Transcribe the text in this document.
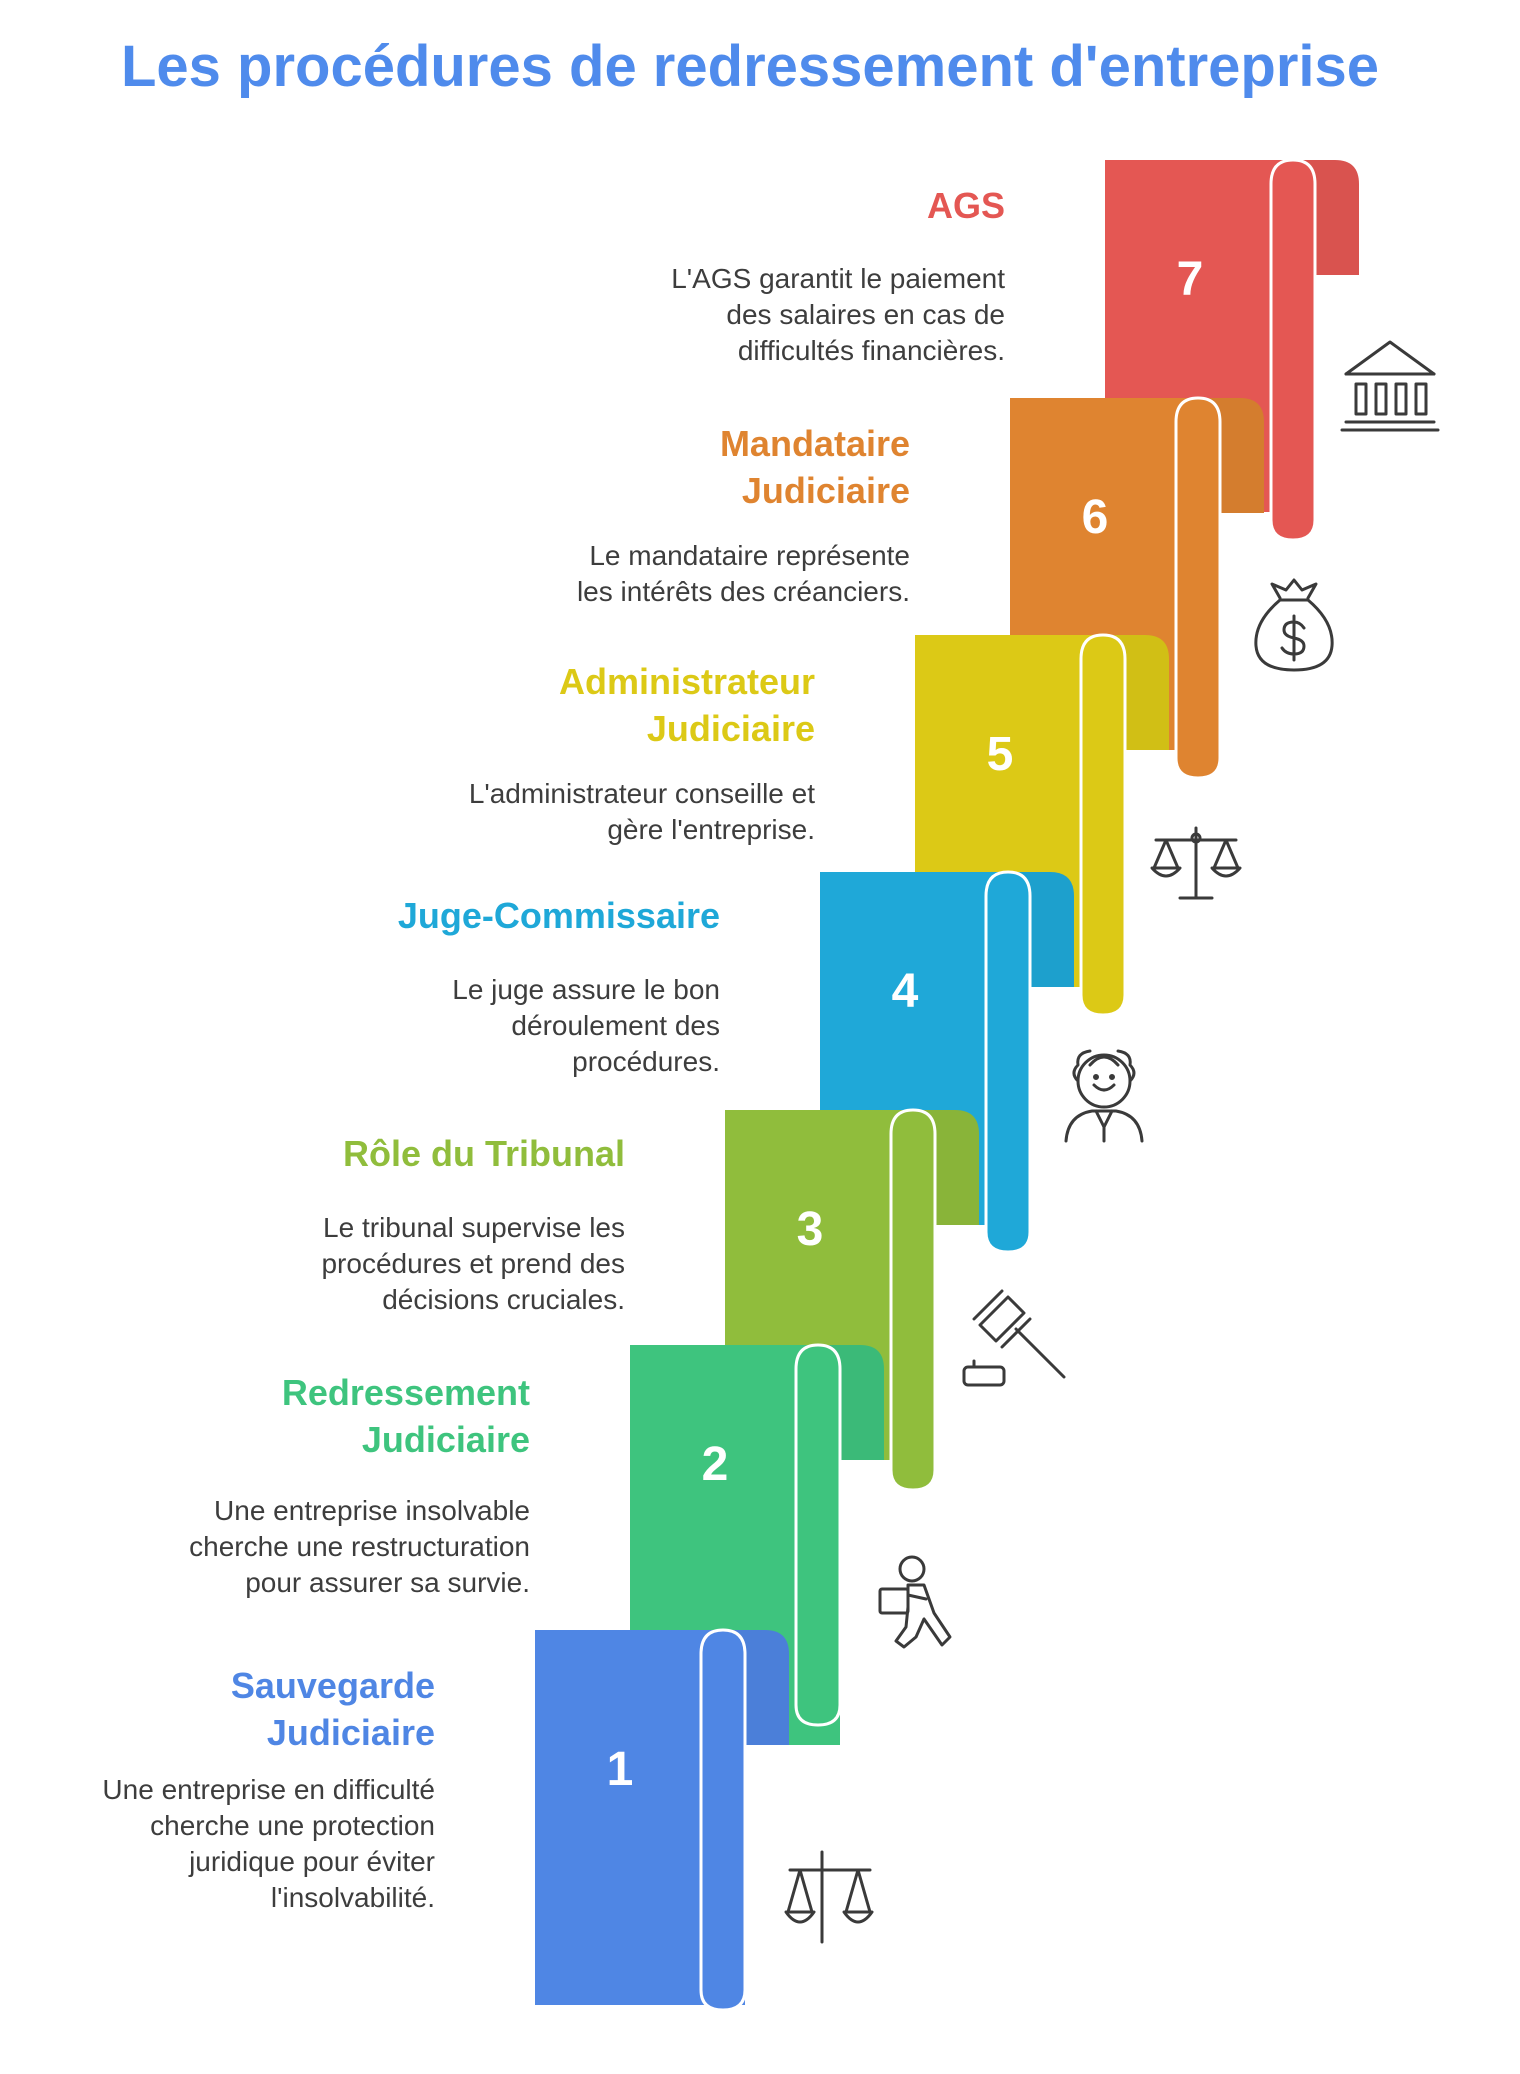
Les procédures de redressement d'entreprise
7
6
5
4
3
2
1
Sauvegarde
Judiciaire
Une entreprise en difficulté
cherche une protection
juridique pour éviter
l'insolvabilité.
Redressement
Judiciaire
Une entreprise insolvable
cherche une restructuration
pour assurer sa survie.
Rôle du Tribunal
Le tribunal supervise les
procédures et prend des
décisions cruciales.
Juge-Commissaire
Le juge assure le bon
déroulement des
procédures.
Administrateur
Judiciaire
L'administrateur conseille et
gère l'entreprise.
Mandataire
Judiciaire
Le mandataire représente
les intérêts des créanciers.
AGS
L'AGS garantit le paiement
des salaires en cas de
difficultés financières.
